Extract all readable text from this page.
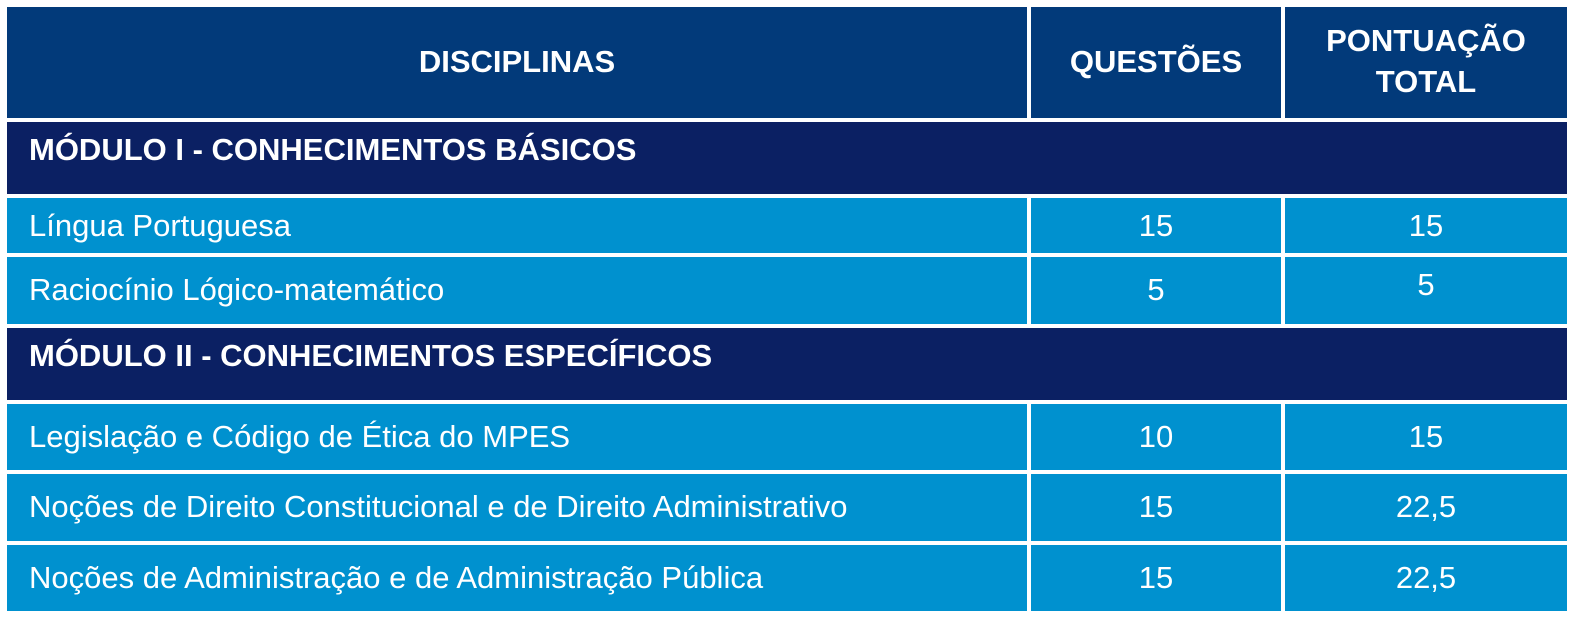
DISCIPLINAS	QUESTÕES	PONTUAÇÃO
TOTAL
MÓDULO I - CONHECIMENTOS BÁSICOS		
Língua Portuguesa	15	15
Raciocínio Lógico-matemático	5	5
MÓDULO II - CONHECIMENTOS ESPECÍFICOS		
Legislação e Código de Ética do MPES	10	15
Noções de Direito Constitucional e de Direito Administrativo	15	22,5
Noções de Administração e de Administração Pública	15	22,5
